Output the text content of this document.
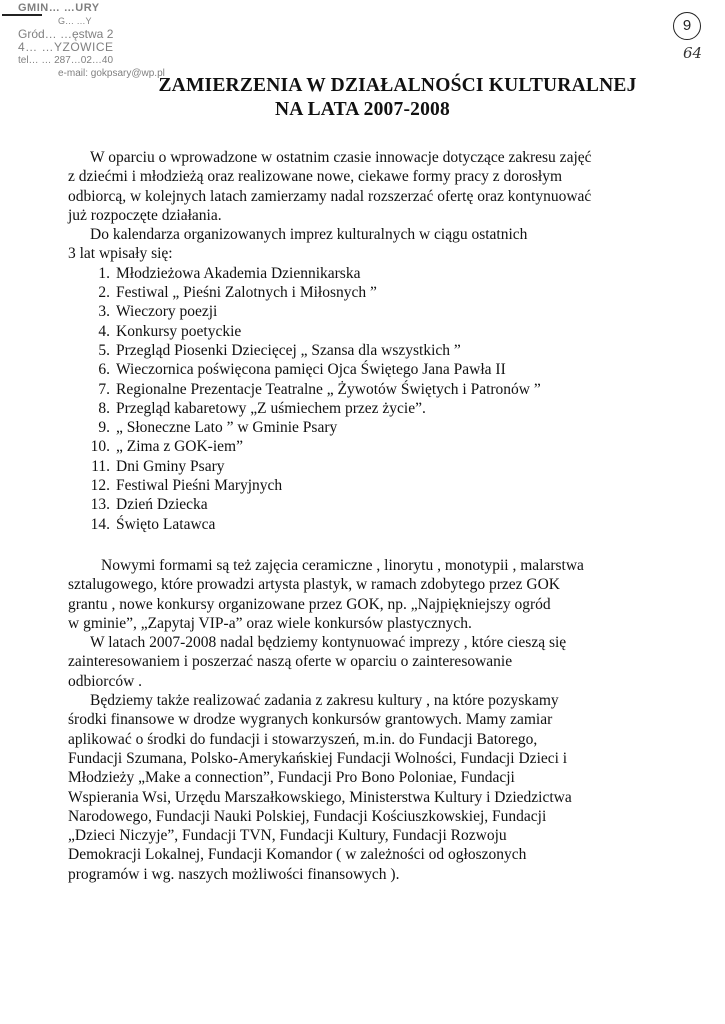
GMIN… …URY
G… …Y
Gród… …ęstwa 2
4… …YZOWICE
tel… … 287…02…40
e-mail: gokpsary@wp.pl
9
64
ZAMIERZENIA W DZIAŁALNOŚCI KULTURALNEJ
NA LATA 2007-2008

W oparciu o wprowadzone w ostatnim czasie innowacje dotyczące zakresu zajęć

z dziećmi i młodzieżą oraz realizowane nowe, ciekawe formy pracy z dorosłym

odbiorcą, w kolejnych latach zamierzamy nadal rozszerzać ofertę oraz kontynuować

już rozpoczęte działania.

Do kalendarza organizowanych imprez kulturalnych w ciągu ostatnich

3 lat wpisały się:

1. Młodzieżowa Akademia Dziennikarska
2. Festiwal „ Pieśni Zalotnych i Miłosnych ”
3. Wieczory poezji
4. Konkursy poetyckie
5. Przegląd Piosenki Dziecięcej „ Szansa dla wszystkich ”
6. Wieczornica poświęcona pamięci Ojca Świętego Jana Pawła II
7. Regionalne Prezentacje Teatralne „ Żywotów Świętych i Patronów ”
8. Przegląd kabaretowy „Z uśmiechem przez życie”.
9. „ Słoneczne Lato ” w Gminie Psary
10. „ Zima z GOK-iem”
11. Dni Gminy Psary
12. Festiwal Pieśni Maryjnych
13. Dzień Dziecka
14. Święto Latawca

Nowymi formami są też zajęcia ceramiczne , linorytu , monotypii , malarstwa

sztalugowego, które prowadzi artysta plastyk, w ramach zdobytego przez GOK

grantu , nowe konkursy organizowane przez GOK, np. „Najpiękniejszy ogród

w gminie”, „Zapytaj VIP-a” oraz wiele konkursów plastycznych.

W latach 2007-2008 nadal będziemy kontynuować imprezy , które cieszą się

zainteresowaniem i poszerzać naszą oferte w oparciu o zainteresowanie

odbiorców .

Będziemy także realizować zadania z zakresu kultury , na które pozyskamy

środki finansowe w drodze wygranych konkursów grantowych. Mamy zamiar

aplikować o środki do fundacji i stowarzyszeń, m.in. do Fundacji Batorego,

Fundacji Szumana, Polsko-Amerykańskiej Fundacji Wolności, Fundacji Dzieci i

Młodzieży „Make a connection”, Fundacji Pro Bono Poloniae, Fundacji

Wspierania Wsi, Urzędu Marszałkowskiego, Ministerstwa Kultury i Dziedzictwa

Narodowego, Fundacji Nauki Polskiej, Fundacji Kościuszkowskiej, Fundacji

„Dzieci Niczyje”, Fundacji TVN, Fundacji Kultury, Fundacji Rozwoju

Demokracji Lokalnej, Fundacji Komandor ( w zależności od ogłoszonych

programów i wg. naszych możliwości finansowych ).
